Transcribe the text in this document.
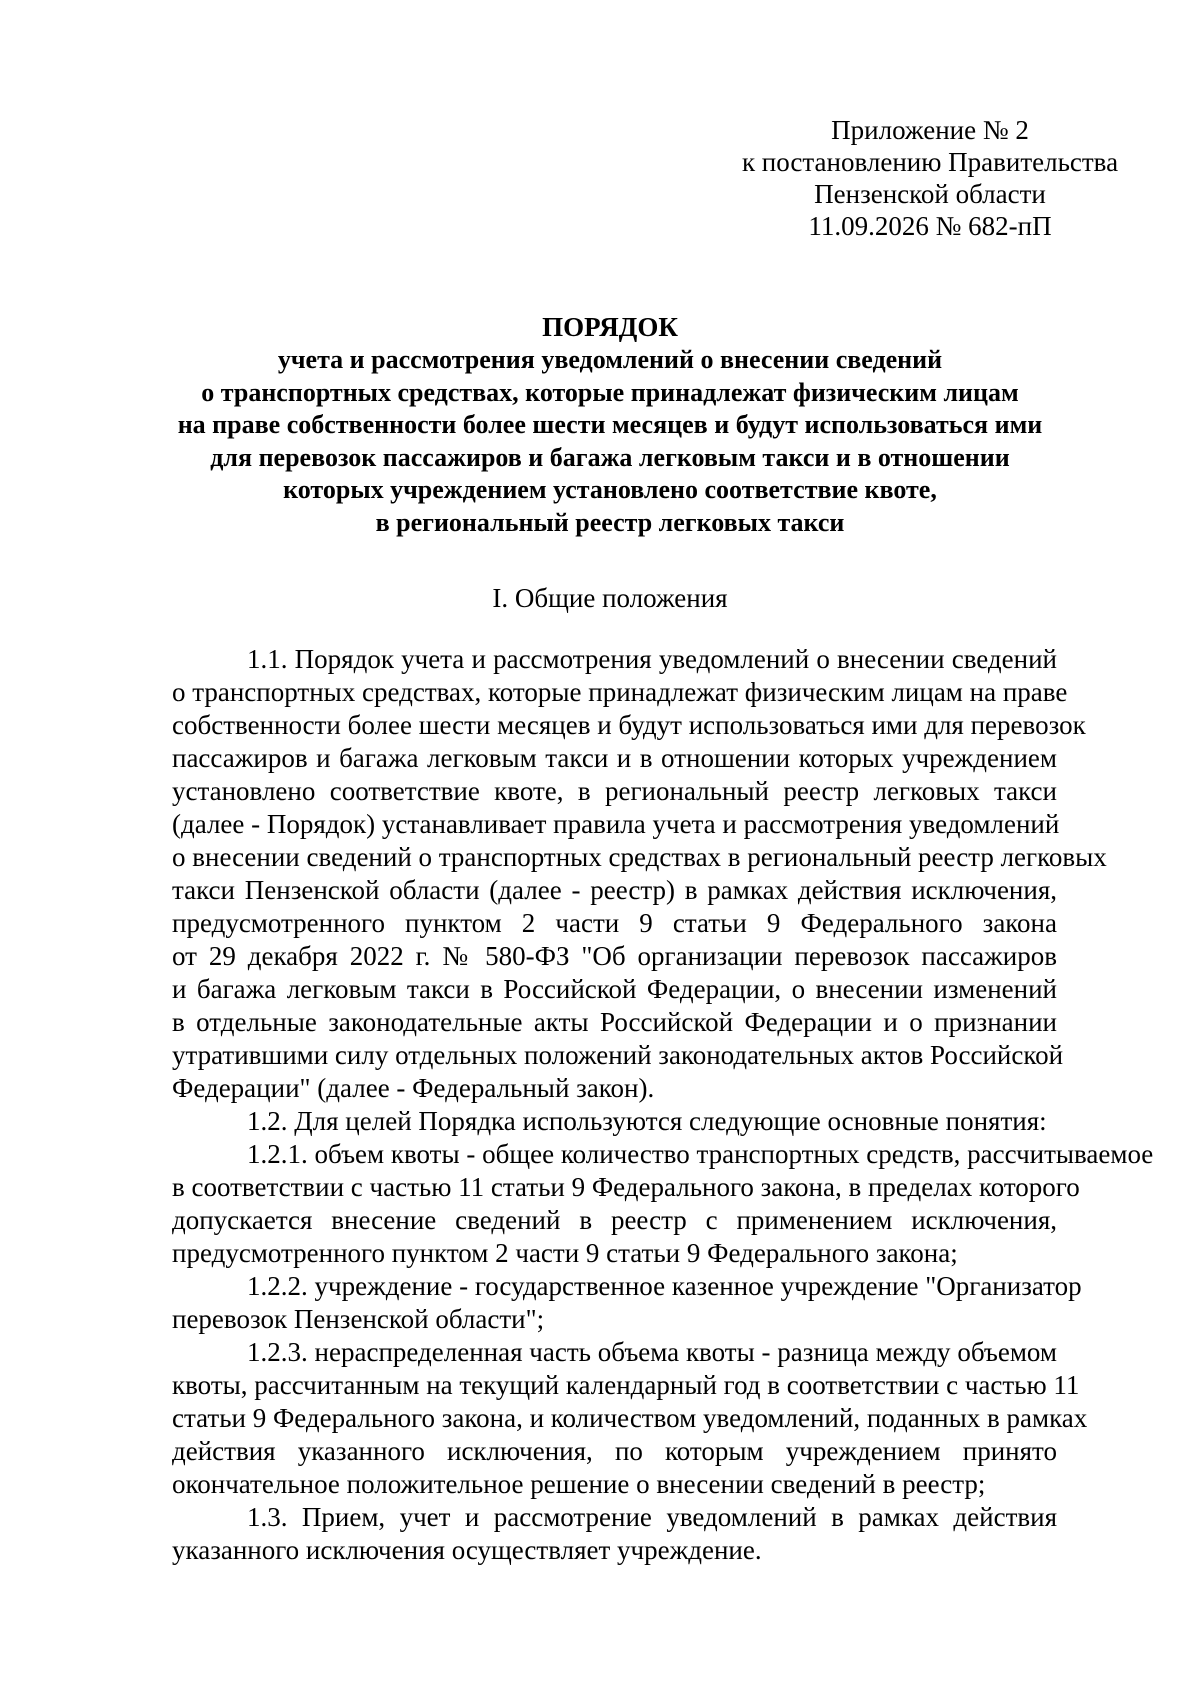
Приложение № 2
к постановлению Правительства
Пензенской области
11.09.2026 № 682-пП
ПОРЯДОК
учета и рассмотрения уведомлений о внесении сведений
о транспортных средствах, которые принадлежат физическим лицам
на праве собственности более шести месяцев и будут использоваться ими
для перевозок пассажиров и багажа легковым такси и в отношении
которых учреждением установлено соответствие квоте,
в региональный реестр легковых такси
I. Общие положения
1.1. Порядок учета и рассмотрения уведомлений о внесении сведений
о транспортных средствах, которые принадлежат физическим лицам на праве
собственности более шести месяцев и будут использоваться ими для перевозок
пассажиров и багажа легковым такси и в отношении которых учреждением
установлено соответствие квоте, в региональный реестр легковых такси
(далее - Порядок) устанавливает правила учета и рассмотрения уведомлений
о внесении сведений о транспортных средствах в региональный реестр легковых
такси Пензенской области (далее - реестр) в рамках действия исключения,
предусмотренного пунктом 2 части 9 статьи 9 Федерального закона
от 29 декабря 2022 г. № 580-ФЗ "Об организации перевозок пассажиров
и багажа легковым такси в Российской Федерации, о внесении изменений
в отдельные законодательные акты Российской Федерации и о признании
утратившими силу отдельных положений законодательных актов Российской
Федерации" (далее - Федеральный закон).
1.2. Для целей Порядка используются следующие основные понятия:
1.2.1. объем квоты - общее количество транспортных средств, рассчитываемое
в соответствии с частью 11 статьи 9 Федерального закона, в пределах которого
допускается внесение сведений в реестр с применением исключения,
предусмотренного пунктом 2 части 9 статьи 9 Федерального закона;
1.2.2. учреждение - государственное казенное учреждение "Организатор
перевозок Пензенской области";
1.2.3. нераспределенная часть объема квоты - разница между объемом
квоты, рассчитанным на текущий календарный год в соответствии с частью 11
статьи 9 Федерального закона, и количеством уведомлений, поданных в рамках
действия указанного исключения, по которым учреждением принято
окончательное положительное решение о внесении сведений в реестр;
1.3. Прием, учет и рассмотрение уведомлений в рамках действия
указанного исключения осуществляет учреждение.
